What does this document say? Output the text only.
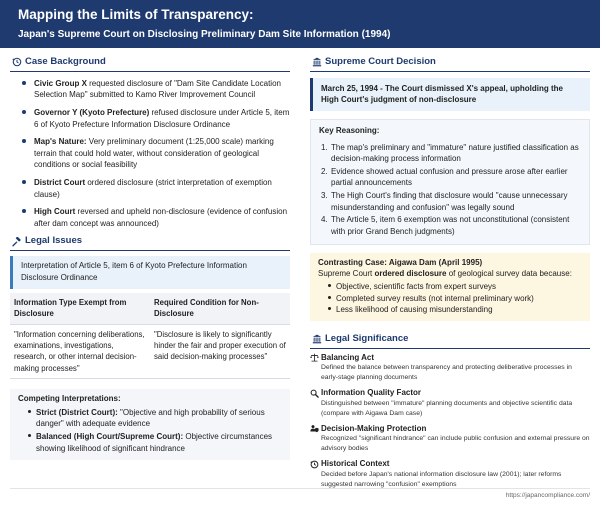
Mapping the Limits of Transparency:
Japan's Supreme Court on Disclosing Preliminary Dam Site Information (1994)
Case Background
Civic Group X requested disclosure of "Dam Site Candidate Location Selection Map" submitted to Kamo River Improvement Council
Governor Y (Kyoto Prefecture) refused disclosure under Article 5, item 6 of Kyoto Prefecture Information Disclosure Ordinance
Map's Nature: Very preliminary document (1:25,000 scale) marking terrain that could hold water, without consideration of geological conditions or social feasibility
District Court ordered disclosure (strict interpretation of exemption clause)
High Court reversed and upheld non-disclosure (evidence of confusion after dam concept was announced)
Legal Issues
Interpretation of Article 5, item 6 of Kyoto Prefecture Information Disclosure Ordinance
Information Type Exempt from Disclosure	Required Condition for Non-Disclosure
"Information concerning deliberations, examinations, investigations, research, or other internal decision-making processes"	"Disclosure is likely to significantly hinder the fair and proper execution of said decision-making processes"
Competing Interpretations:
Strict (District Court): "Objective and high probability of serious danger" with adequate evidence
Balanced (High Court/Supreme Court): Objective circumstances showing likelihood of significant hindrance
Supreme Court Decision
March 25, 1994 - The Court dismissed X's appeal, upholding the High Court's judgment of non-disclosure
Key Reasoning:
1. The map's preliminary and "immature" nature justified classification as decision-making process information
2. Evidence showed actual confusion and pressure arose after earlier partial announcements
3. The High Court's finding that disclosure would "cause unnecessary misunderstanding and confusion" was legally sound
4. The Article 5, item 6 exemption was not unconstitutional (consistent with prior Grand Bench judgments)
Contrasting Case: Aigawa Dam (April 1995)
Supreme Court ordered disclosure of geological survey data because:
Objective, scientific facts from expert surveys
Completed survey results (not internal preliminary work)
Less likelihood of causing misunderstanding
Legal Significance
Balancing Act
Defined the balance between transparency and protecting deliberative processes in early-stage planning documents
Information Quality Factor
Distinguished between "immature" planning documents and objective scientific data (compare with Aigawa Dam case)
Decision-Making Protection
Recognized "significant hindrance" can include public confusion and external pressure on advisory bodies
Historical Context
Decided before Japan's national information disclosure law (2001); later reforms suggested narrowing "confusion" exemptions
https://japancompliance.com/
